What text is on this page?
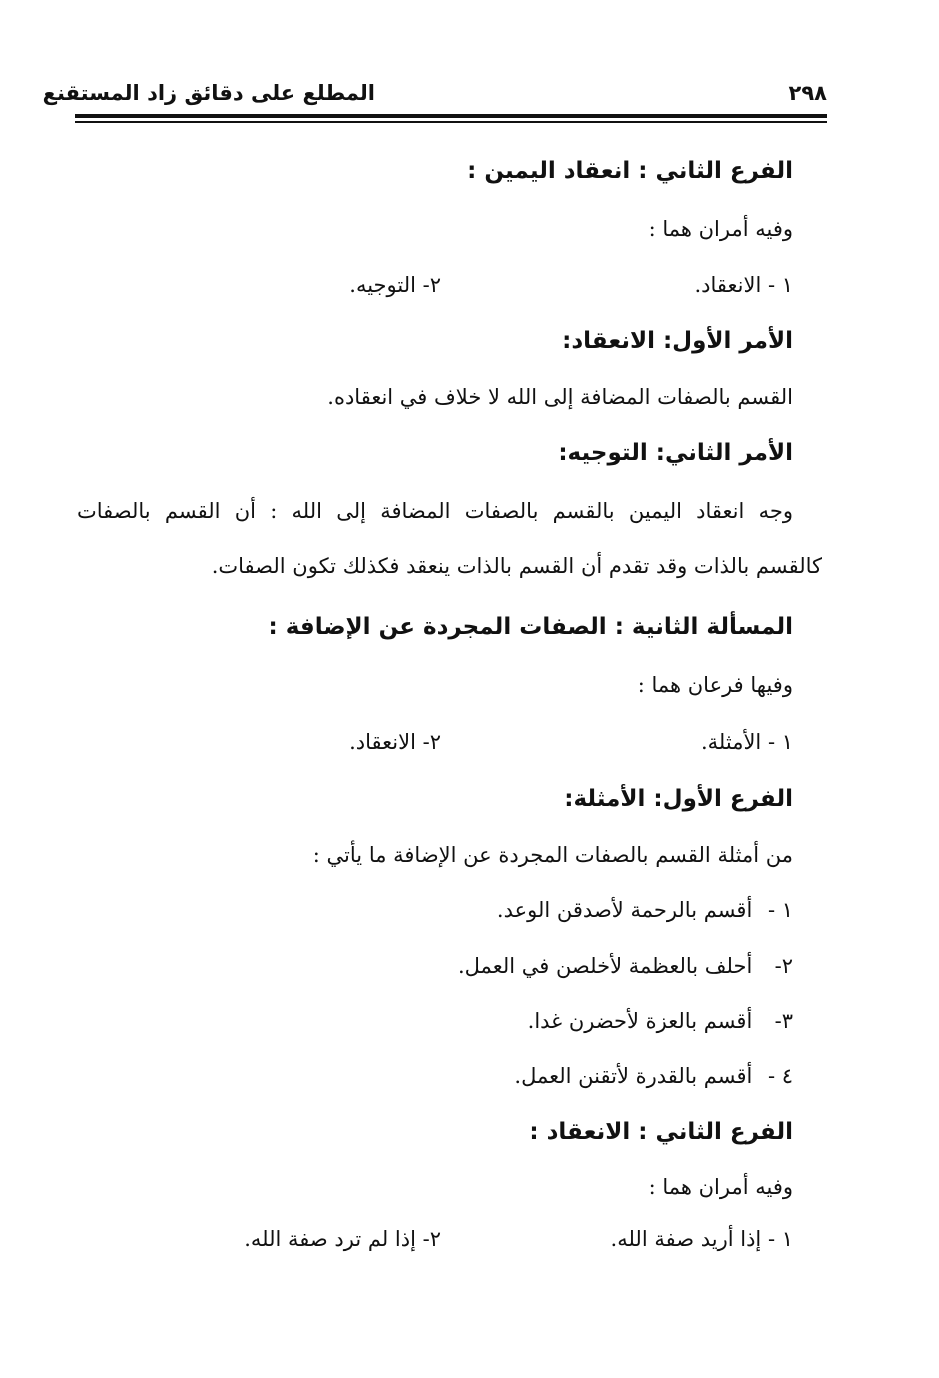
٢٩٨
المطلع على دقائق زاد المستقنع
الفرع الثاني : انعقاد اليمين :
وفيه أمران هما :
١ - الانعقاد.
٢- التوجيه.
الأمر الأول: الانعقاد:
القسم بالصفات المضافة إلى الله لا خلاف في انعقاده.
الأمر الثاني: التوجيه:
وجه انعقاد اليمين بالقسم بالصفات المضافة إلى الله : أن القسم بالصفات
كالقسم بالذات وقد تقدم أن القسم بالذات ينعقد فكذلك تكون الصفات.
المسألة الثانية : الصفات المجردة عن الإضافة :
وفيها فرعان هما :
١ - الأمثلة.
٢- الانعقاد.
الفرع الأول: الأمثلة:
من أمثلة القسم بالصفات المجردة عن الإضافة ما يأتي :
١ - أقسم بالرحمة لأصدقن الوعد.
٢- أحلف بالعظمة لأخلصن في العمل.
٣- أقسم بالعزة لأحضرن غدا.
٤ - أقسم بالقدرة لأتقنن العمل.
الفرع الثاني : الانعقاد :
وفيه أمران هما :
١ - إذا أريد صفة الله.
٢- إذا لم ترد صفة الله.
